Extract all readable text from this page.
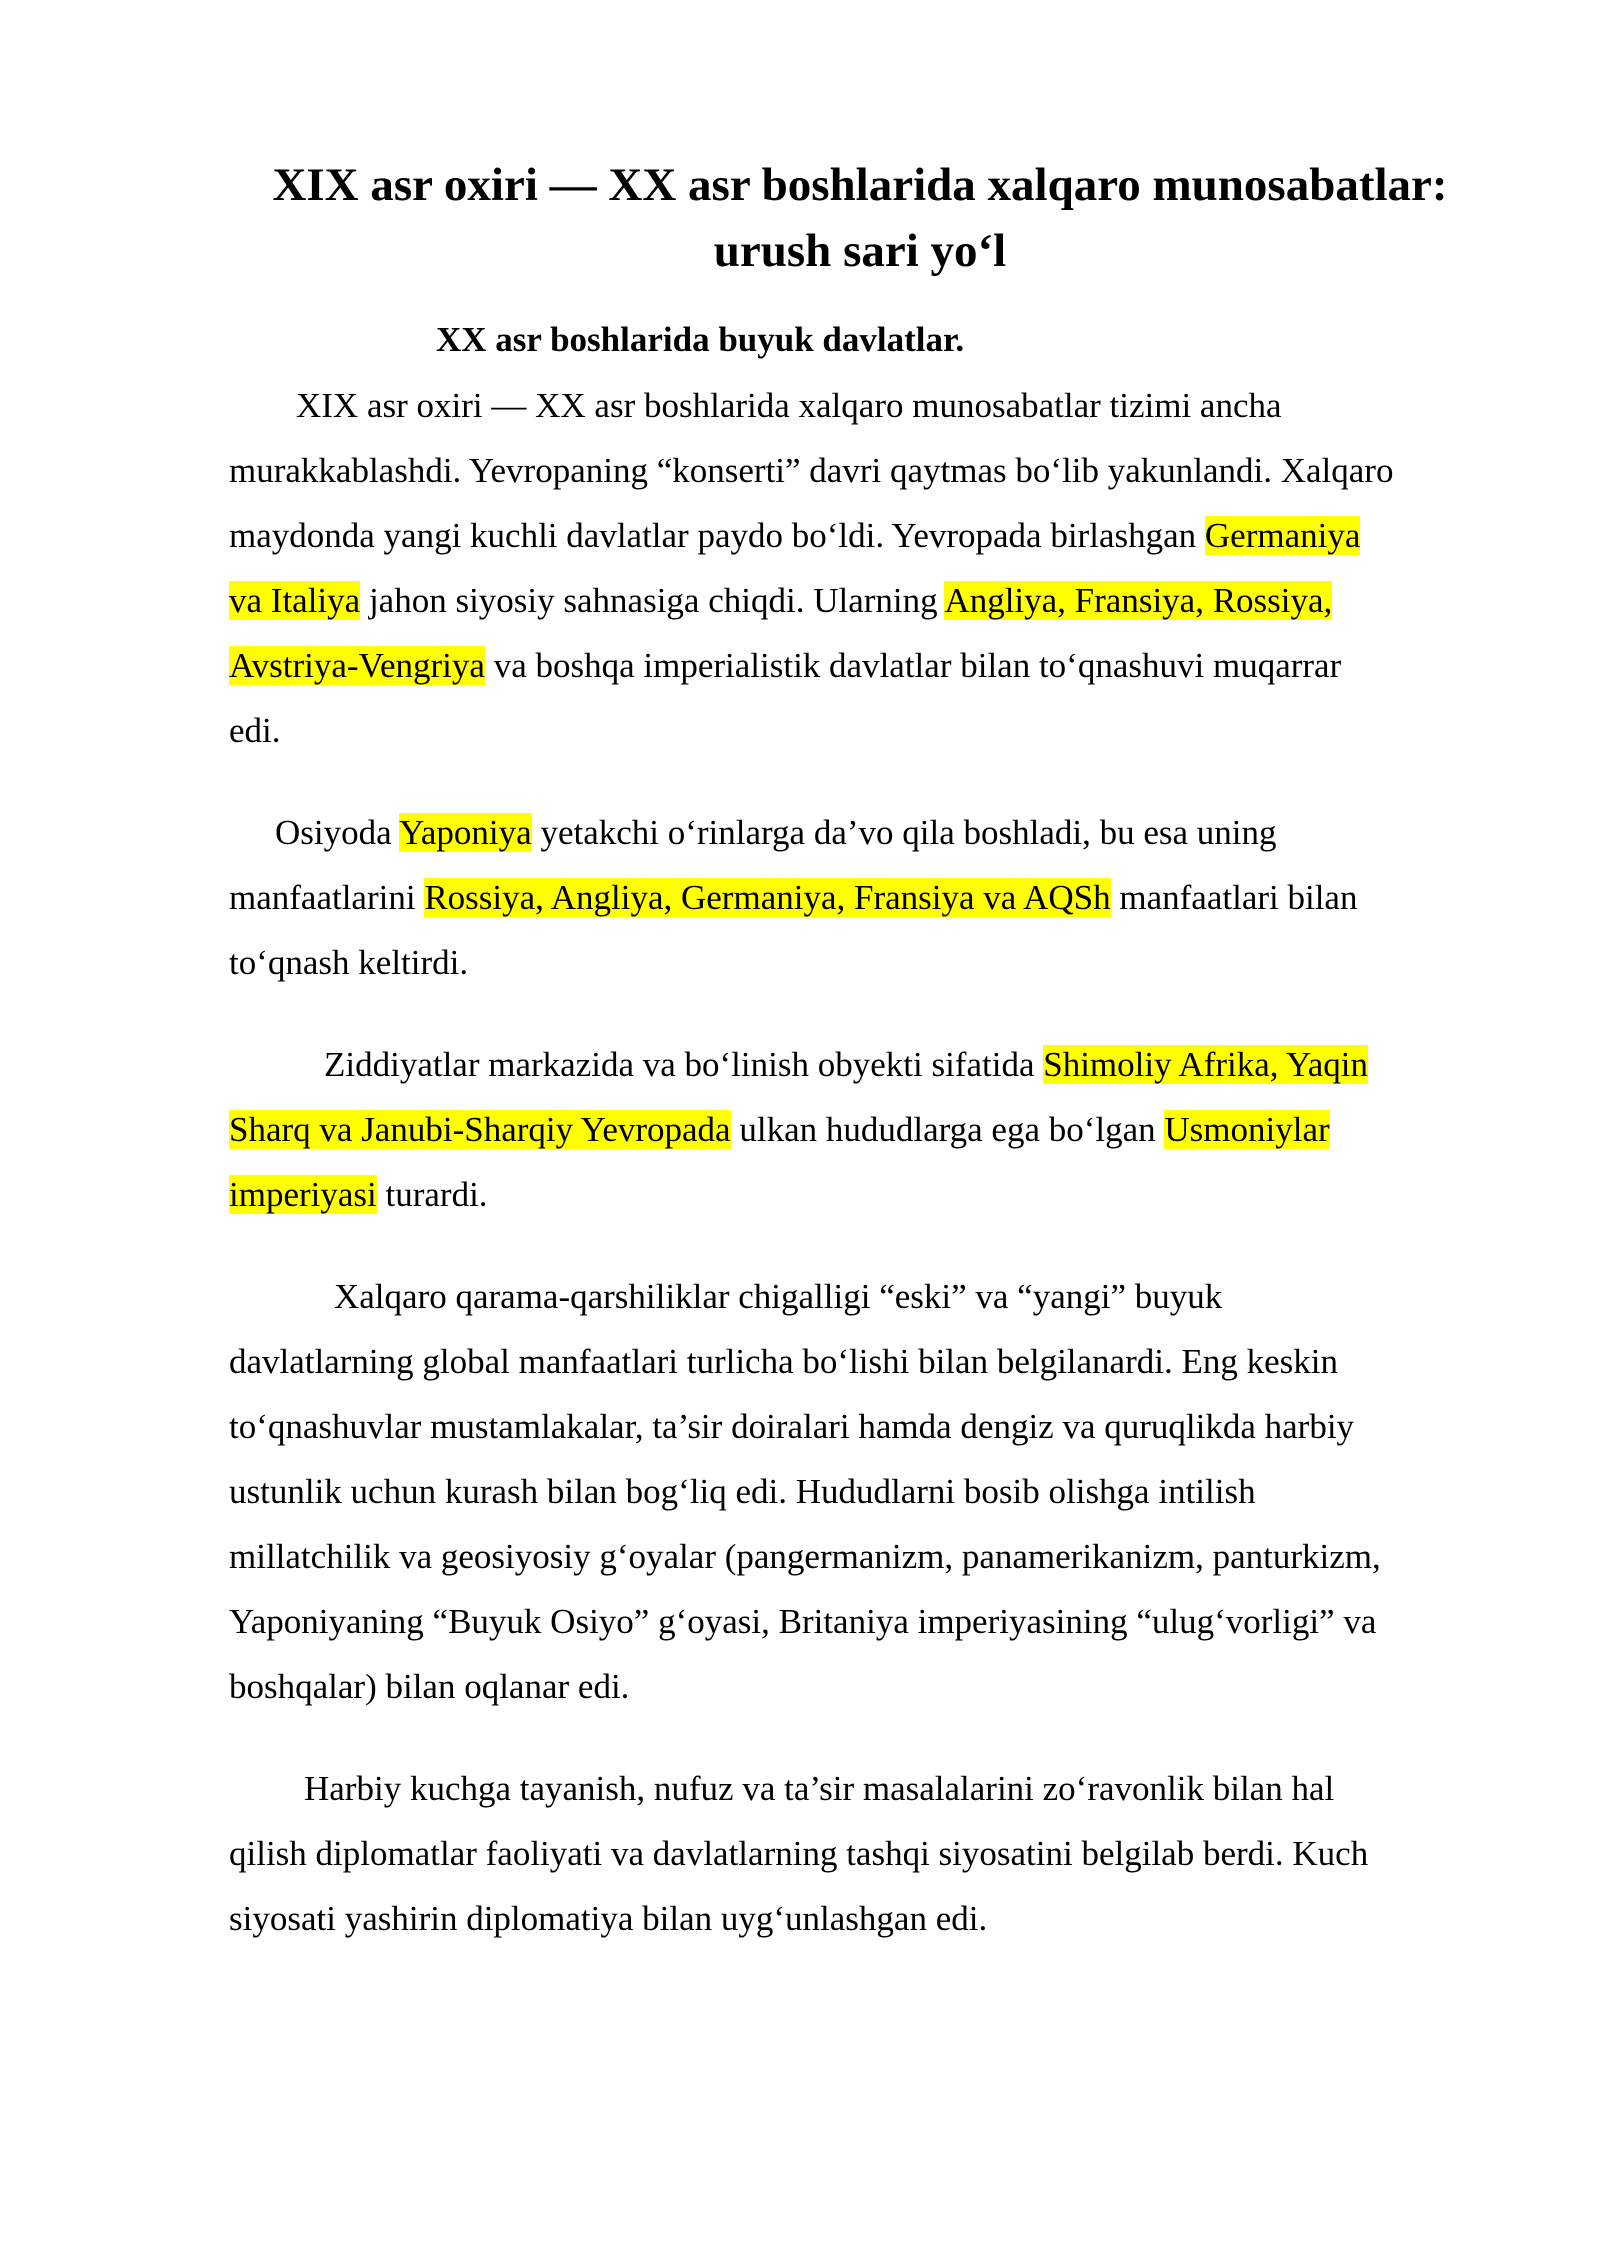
XIX asr oxiri — XX asr boshlarida xalqaro munosabatlar:
urush sari yo‘l
XX asr boshlarida buyuk davlatlar.

XIX asr oxiri — XX asr boshlarida xalqaro munosabatlar tizimi ancha

murakkablashdi. Yevropaning “konserti” davri qaytmas bo‘lib yakunlandi. Xalqaro

maydonda yangi kuchli davlatlar paydo bo‘ldi. Yevropada birlashgan Germaniya

va Italiya jahon siyosiy sahnasiga chiqdi. Ularning Angliya, Fransiya, Rossiya,

Avstriya-Vengriya va boshqa imperialistik davlatlar bilan to‘qnashuvi muqarrar

edi.

Osiyoda Yaponiya yetakchi o‘rinlarga da’vo qila boshladi, bu esa uning

manfaatlarini Rossiya, Angliya, Germaniya, Fransiya va AQSh manfaatlari bilan

to‘qnash keltirdi.

Ziddiyatlar markazida va bo‘linish obyekti sifatida Shimoliy Afrika, Yaqin

Sharq va Janubi-Sharqiy Yevropada ulkan hududlarga ega bo‘lgan Usmoniylar

imperiyasi turardi.

Xalqaro qarama-qarshiliklar chigalligi “eski” va “yangi” buyuk

davlatlarning global manfaatlari turlicha bo‘lishi bilan belgilanardi. Eng keskin

to‘qnashuvlar mustamlakalar, ta’sir doiralari hamda dengiz va quruqlikda harbiy

ustunlik uchun kurash bilan bog‘liq edi. Hududlarni bosib olishga intilish

millatchilik va geosiyosiy g‘oyalar (pangermanizm, panamerikanizm, panturkizm,

Yaponiyaning “Buyuk Osiyo” g‘oyasi, Britaniya imperiyasining “ulug‘vorligi” va

boshqalar) bilan oqlanar edi.

Harbiy kuchga tayanish, nufuz va ta’sir masalalarini zo‘ravonlik bilan hal

qilish diplomatlar faoliyati va davlatlarning tashqi siyosatini belgilab berdi. Kuch

siyosati yashirin diplomatiya bilan uyg‘unlashgan edi.
